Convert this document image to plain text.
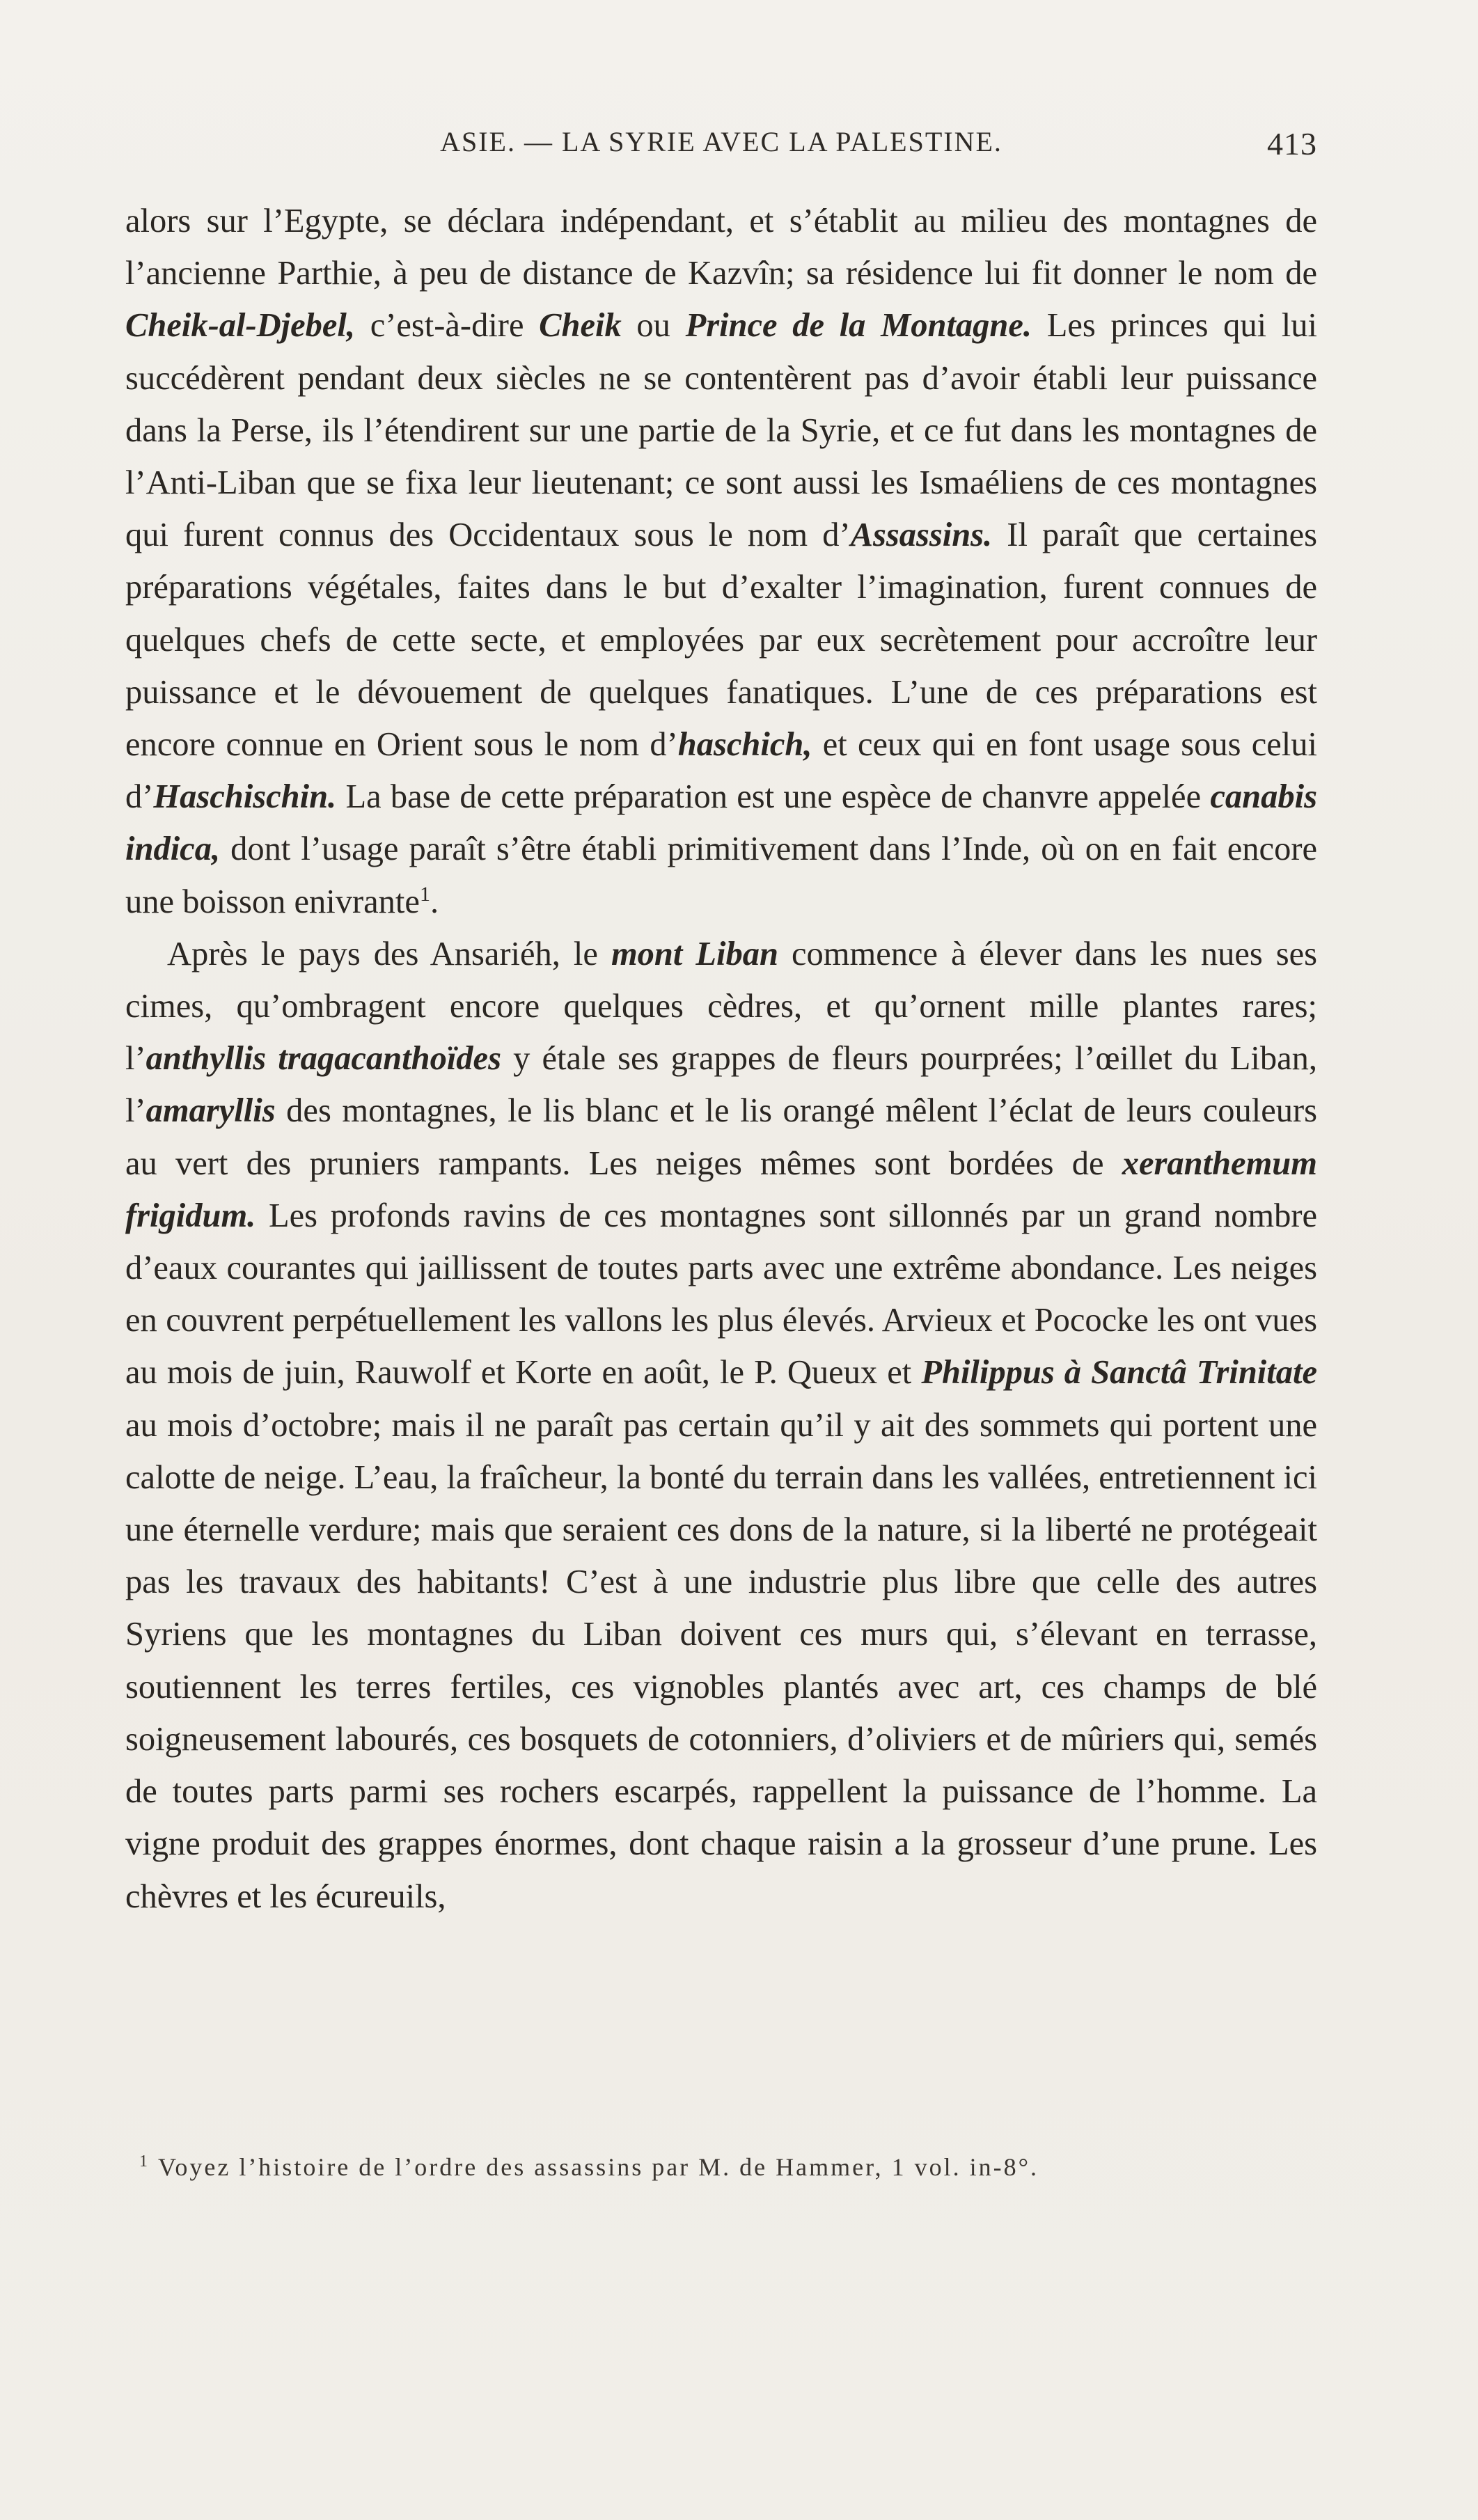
ASIE. — LA SYRIE AVEC LA PALESTINE.	413

alors sur l’Egypte, se déclara indépendant, et s’établit au milieu des montagnes de l’ancienne Parthie, à peu de distance de Kazvîn; sa résidence lui fit donner le nom de Cheik-al-Djebel, c’est-à-dire Cheik ou Prince de la Montagne. Les princes qui lui succédèrent pendant deux siècles ne se contentèrent pas d’avoir établi leur puissance dans la Perse, ils l’étendirent sur une partie de la Syrie, et ce fut dans les montagnes de l’Anti-Liban que se fixa leur lieutenant; ce sont aussi les Ismaéliens de ces montagnes qui furent connus des Occidentaux sous le nom d’Assassins. Il paraît que certaines préparations végétales, faites dans le but d’exalter l’imagination, furent connues de quelques chefs de cette secte, et employées par eux secrètement pour accroître leur puissance et le dévouement de quelques fanatiques. L’une de ces préparations est encore connue en Orient sous le nom d’haschich, et ceux qui en font usage sous celui d’Haschischin. La base de cette préparation est une espèce de chanvre appelée canabis indica, dont l’usage paraît s’être établi primitivement dans l’Inde, où on en fait encore une boisson enivrante$^1$.

Après le pays des Ansariéh, le mont Liban commence à élever dans les nues ses cimes, qu’ombragent encore quelques cèdres, et qu’ornent mille plantes rares; l’anthyllis tragacanthoïdes y étale ses grappes de fleurs pourprées; l’œillet du Liban, l’amaryllis des montagnes, le lis blanc et le lis orangé mêlent l’éclat de leurs couleurs au vert des pruniers rampants. Les neiges mêmes sont bordées de xeranthemum frigidum. Les profonds ravins de ces montagnes sont sillonnés par un grand nombre d’eaux courantes qui jaillissent de toutes parts avec une extrême abondance. Les neiges en couvrent perpétuellement les vallons les plus élevés. Arvieux et Pococke les ont vues au mois de juin, Rauwolf et Korte en août, le P. Queux et Philippus à Sanctâ Trinitate au mois d’octobre; mais il ne paraît pas certain qu’il y ait des sommets qui portent une calotte de neige. L’eau, la fraîcheur, la bonté du terrain dans les vallées, entretiennent ici une éternelle verdure; mais que seraient ces dons de la nature, si la liberté ne protégeait pas les travaux des habitants! C’est à une industrie plus libre que celle des autres Syriens que les montagnes du Liban doivent ces murs qui, s’élevant en terrasse, soutiennent les terres fertiles, ces vignobles plantés avec art, ces champs de blé soigneusement labourés, ces bosquets de cotonniers, d’oliviers et de mûriers qui, semés de toutes parts parmi ses rochers escarpés, rappellent la puissance de l’homme. La vigne produit des grappes énormes, dont chaque raisin a la grosseur d’une prune. Les chèvres et les écureuils,

$^1$ Voyez l’histoire de l’ordre des assassins par M. de Hammer, 1 vol. in-8°.
